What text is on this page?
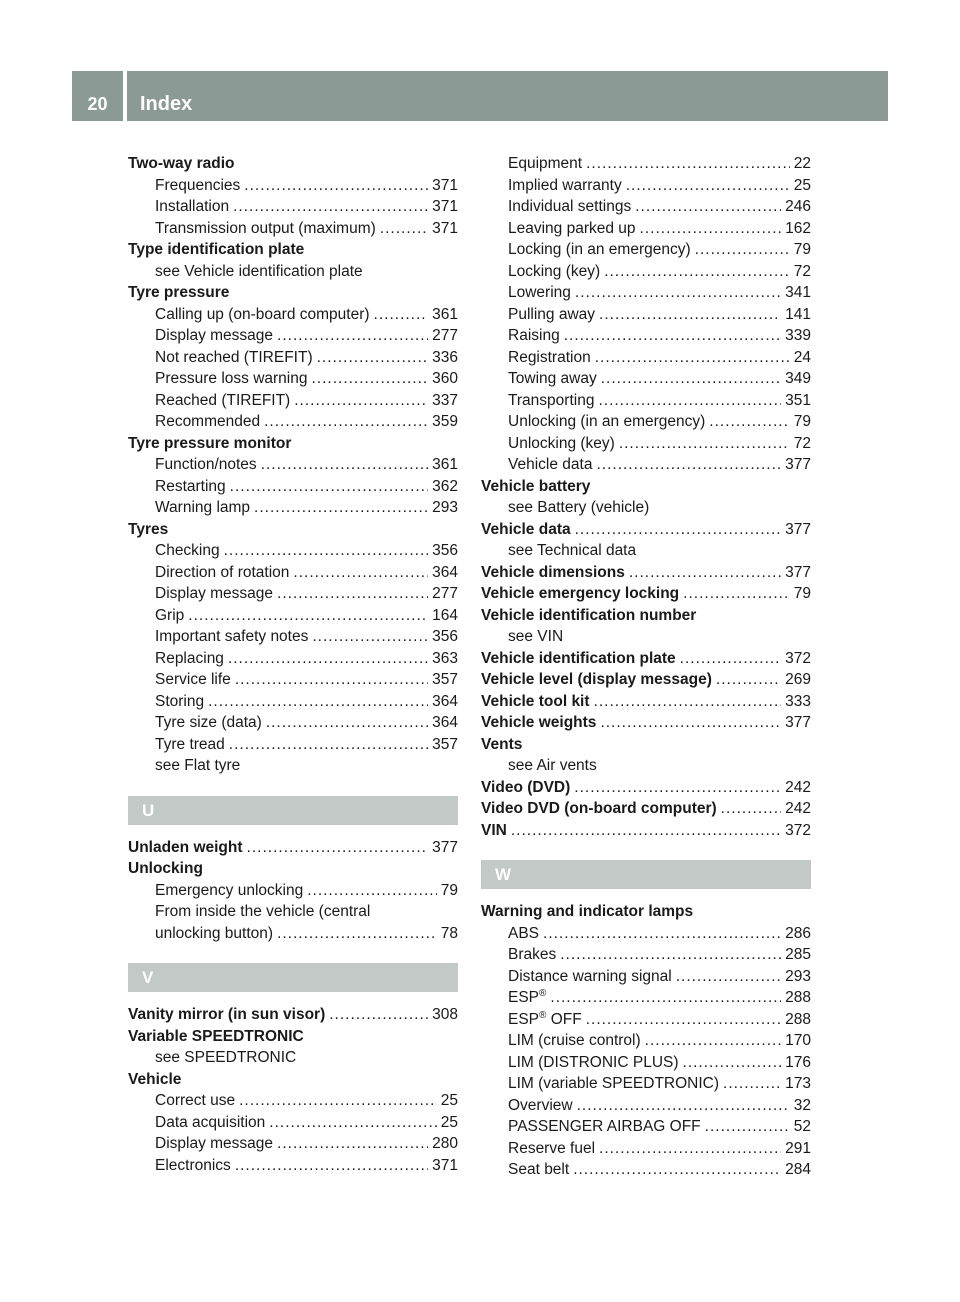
20	Index
Two-way radio
Frequencies .....	371
Installation .....	371
Transmission output (maximum) .....	371
Type identification plate
see Vehicle identification plate
Tyre pressure
Calling up (on-board computer) .....	361
Display message .....	277
Not reached (TIREFIT) .....	336
Pressure loss warning .....	360
Reached (TIREFIT) .....	337
Recommended .....	359
Tyre pressure monitor
Function/notes .....	361
Restarting .....	362
Warning lamp .....	293
Tyres
Checking .....	356
Direction of rotation .....	364
Display message .....	277
Grip .....	164
Important safety notes .....	356
Replacing .....	363
Service life .....	357
Storing .....	364
Tyre size (data) .....	364
Tyre tread .....	357
see Flat tyre
U
Unladen weight .....	377
Unlocking
Emergency unlocking .....	79
From inside the vehicle (central
unlocking button) .....	78
V
Vanity mirror (in sun visor) .....	308
Variable SPEEDTRONIC
see SPEEDTRONIC
Vehicle
Correct use .....	25
Data acquisition .....	25
Display message .....	280
Electronics .....	371
Equipment .....	22
Implied warranty .....	25
Individual settings .....	246
Leaving parked up .....	162
Locking (in an emergency) .....	79
Locking (key) .....	72
Lowering .....	341
Pulling away .....	141
Raising .....	339
Registration .....	24
Towing away .....	349
Transporting .....	351
Unlocking (in an emergency) .....	79
Unlocking (key) .....	72
Vehicle data .....	377
Vehicle battery
see Battery (vehicle)
Vehicle data .....	377
see Technical data
Vehicle dimensions .....	377
Vehicle emergency locking .....	79
Vehicle identification number
see VIN
Vehicle identification plate .....	372
Vehicle level (display message) .....	269
Vehicle tool kit .....	333
Vehicle weights .....	377
Vents
see Air vents
Video (DVD) .....	242
Video DVD (on-board computer) .....	242
VIN .....	372
W
Warning and indicator lamps
ABS .....	286
Brakes .....	285
Distance warning signal .....	293
ESP® .....	288
ESP® OFF .....	288
LIM (cruise control) .....	170
LIM (DISTRONIC PLUS) .....	176
LIM (variable SPEEDTRONIC) .....	173
Overview .....	32
PASSENGER AIRBAG OFF .....	52
Reserve fuel .....	291
Seat belt .....	284
